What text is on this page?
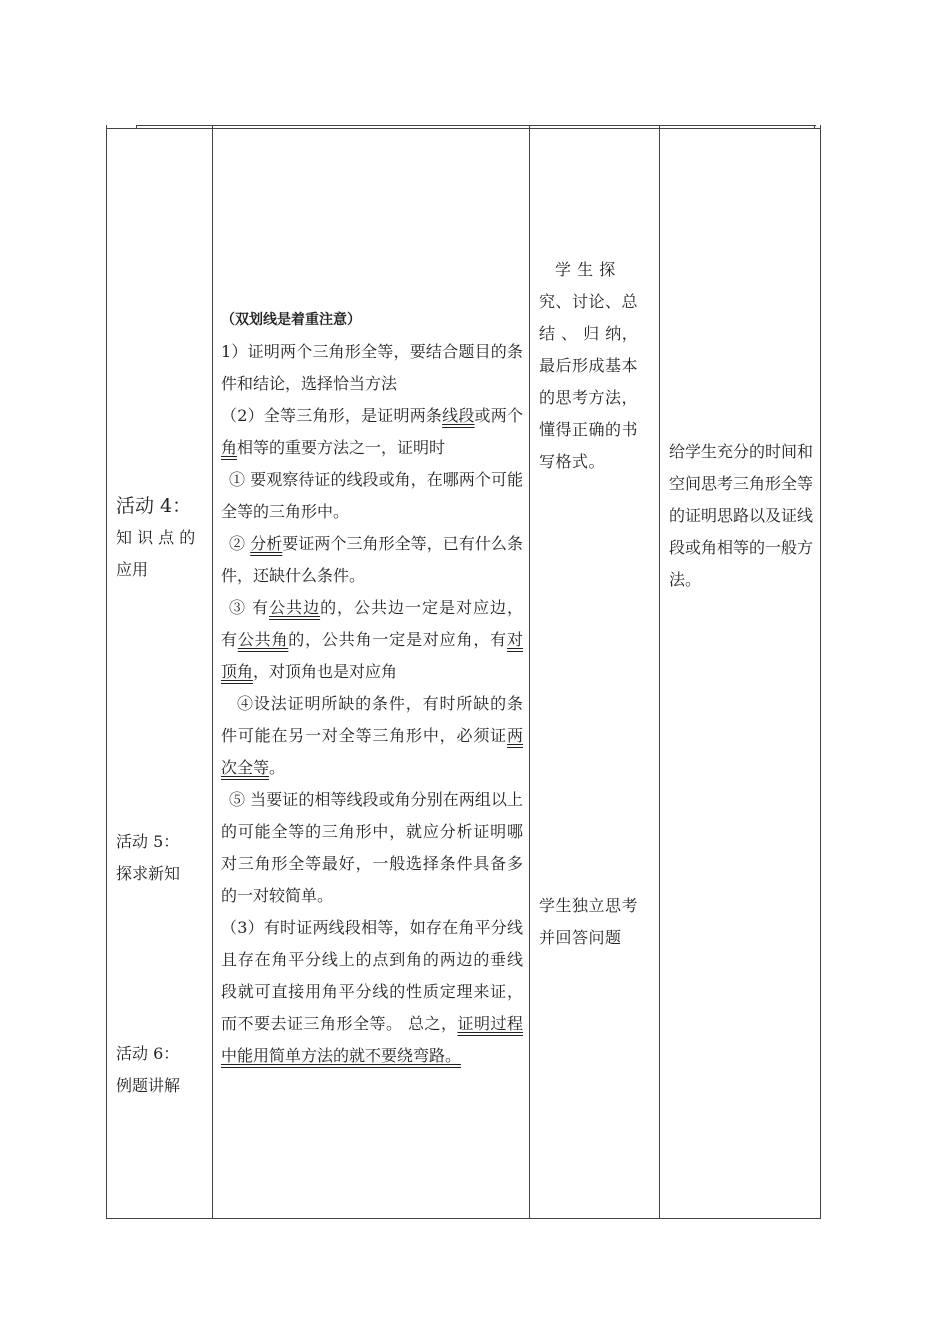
活动 4：

知 识 点 的

应用

活动 5：

探求新知

活动 6：

例题讲解

（双划线是着重注意）

1）证明两个三角形全等，要结合题目的条件和结论，选择恰当方法

（2）全等三角形，是证明两条线段或两个角相等的重要方法之一，证明时

① 要观察待证的线段或角，在哪两个可能全等的三角形中。

② 分析要证两个三角形全等，已有什么条件，还缺什么条件。

③ 有公共边的，公共边一定是对应边， 有公共角的，公共角一定是对应角，有对顶角，对顶角也是对应角

④设法证明所缺的条件，有时所缺的条件可能在另一对全等三角形中，必须证两次全等。

⑤ 当要证的相等线段或角分别在两组以上的可能全等的三角形中，就应分析证明哪对三角形全等最好，一般选择条件具备多的一对较简单。

（3）有时证两线段相等，如存在角平分线且存在角平分线上的点到角的两边的垂线段就可直接用角平分线的性质定理来证，而不要去证三角形全等。 总之，证明过程中能用简单方法的就不要绕弯路。

学 生 探 究、讨论、总 结 、 归 纳， 最后形成基本的思考方法， 懂得正确的书写格式。

学生独立思考并回答问题

给学生充分的时间和空间思考三角形全等的证明思路以及证线段或角相等的一般方法。
